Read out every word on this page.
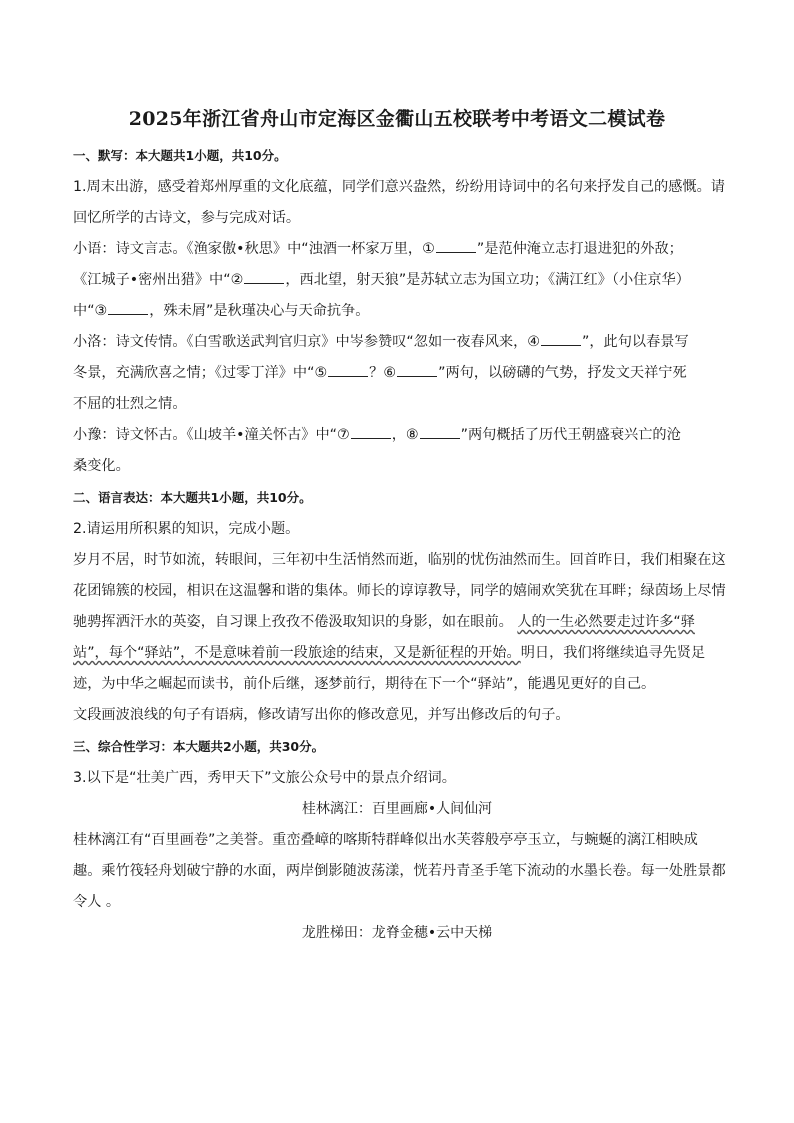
2025年浙江省舟山市定海区金衢山五校联考中考语文二模试卷
一、默写：本大题共1小题，共10分。
1.周末出游，感受着郑州厚重的文化底蕴，同学们意兴盎然，纷纷用诗词中的名句来抒发自己的感慨。请
回忆所学的古诗文，参与完成对话。
小语：诗文言志。《渔家傲•秋思》中“浊酒一杯家万里，①	”是范仲淹立志打退进犯的外敌；
《江城子•密州出猎》中“②	，西北望，射天狼”是苏轼立志为国立功；《满江红》（小住京华）
中“③	，殊未屑”是秋瑾决心与天命抗争。
小洛：诗文传情。《白雪歌送武判官归京》中岑参赞叹“忽如一夜春风来，④	”，此句以春景写
冬景，充满欣喜之情；《过零丁洋》中“⑤	？⑥	”两句，以磅礴的气势，抒发文天祥宁死
不屈的壮烈之情。
小豫：诗文怀古。《山坡羊•潼关怀古》中“⑦	，⑧	”两句概括了历代王朝盛衰兴亡的沧
桑变化。
二、语言表达：本大题共1小题，共10分。
2.请运用所积累的知识，完成小题。
岁月不居，时节如流，转眼间，三年初中生活悄然而逝，临别的忧伤油然而生。回首昨日，我们相聚在这
花团锦簇的校园，相识在这温馨和谐的集体。师长的谆谆教导，同学的嬉闹欢笑犹在耳畔；绿茵场上尽情
驰骋挥洒汗水的英姿，自习课上孜孜不倦汲取知识的身影，如在眼前。 人的一生必然要走过许多“驿
站”，每个“驿站”，不是意味着前一段旅途的结束，又是新征程的开始。明日，我们将继续追寻先贤足
迹，为中华之崛起而读书，前仆后继，逐梦前行，期待在下一个“驿站”，能遇见更好的自己。
文段画波浪线的句子有语病，修改请写出你的修改意见，并写出修改后的句子。
三、综合性学习：本大题共2小题，共30分。
3.以下是“壮美广西，秀甲天下”文旅公众号中的景点介绍词。
桂林漓江：百里画廊•人间仙河
桂林漓江有“百里画卷”之美誉。重峦叠嶂的喀斯特群峰似出水芙蓉般亭亭玉立，与蜿蜒的漓江相映成
趣。乘竹筏轻舟划破宁静的水面，两岸倒影随波荡漾，恍若丹青圣手笔下流动的水墨长卷。每一处胜景都
令人 。
龙胜梯田：龙脊金穗•云中天梯
